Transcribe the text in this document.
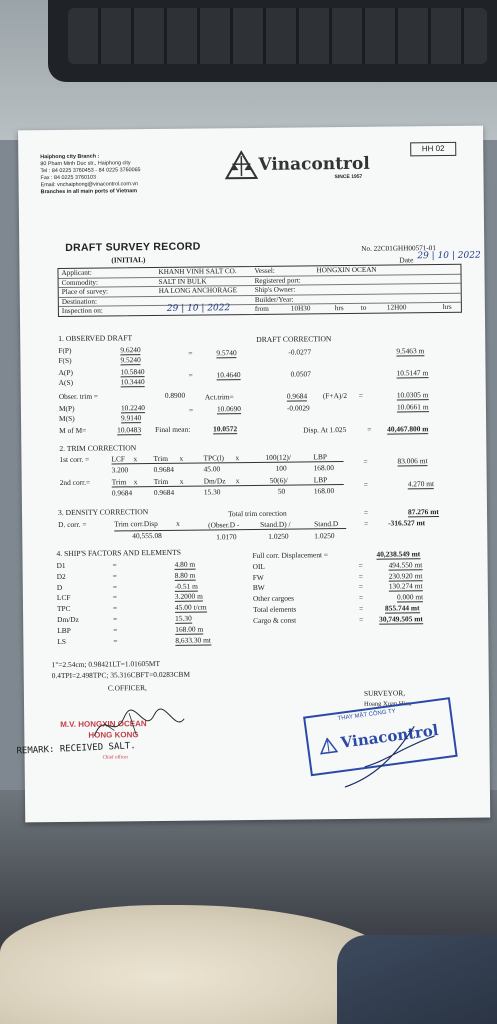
HH 02
Haiphong city Branch :
80 Pham Minh Duc str., Haiphong city
Tel : 84 0225 3760453 - 84 0225 3760065
Fax : 84 0225 3760103
Email: vnchaiphong@vinacontrol.com.vn
Branches in all main ports of Vietnam
Vinacontrol
SINCE 1957
DRAFT SURVEY RECORD
(INITIAL)
No. 22C01GHH00571-01
Date 29 | 10 | 2022
Applicant:	KHANH VINH SALT CO. Vessel:	HONGXIN OCEAN
Commodity:	SALT IN BULK	Registered port:
Place of survey:	HA LONG ANCHORAGE Ship's Owner:
Destination:	Builder/Year:
Inspection on:	29 | 10 | 2022	from	10H30	hrs to	12H00	hrs
1. OBSERVED DRAFT	DRAFT CORRECTION
F(P)	9.6240
F(S)	9.5240
=	9.5740	-0.0277	9.5463 m
A(P)	10.5840
A(S)	10.3440
=	10.4640	0.0507	10.5147 m
Obser. trim =	0.8900	Act.trim=	0.9684 (F+A)/2 =	10.0305 m
M(P)	10.2240
M(S)	9.9140
=	10.0690	-0.0029	10.0661 m
M of M=	10.0483 Final mean:	10.0572	Disp. At 1.025	= 40,467.800 m
2. TRIM CORRECTION
1st corr. =	LCF x Trim x	TPC(l) x	100(12)/	LBP
3.200	0.9684	45.00	100	168.00
=	83.006 mt
2nd corr.=	Trim x Trim x	Dm/Dz x	50(6)/	LBP
0.9684	0.9684	15.30	50	168.00
=	4.270 mt
3. DENSITY CORRECTION	Total trim corection	=	87.276 mt
D. corr. =	Trim corr.Disp x	(Obser.D -	Stand.D) /	Stand.D	=	-316.527 mt
40,555.08	1.0170	1.0250	1.0250
4. SHIP'S FACTORS AND ELEMENTS
D1	=	4.80 m
D2	=	8.80 m
D	=	-0.51 m
LCF	=	3.2000 m
TPC	=	45.00 t/cm
Dm/Dz	=	15.30
LBP	=	168.00 m
LS	=	8,633.30 mt
Full corr. Displacement =	40,238.549 mt
OIL	=	494.550 mt
FW	=	230.920 mt
BW	=	130.274 mt
Other cargoes	=	0.000 mt
Total elements	=	855.744 mt
Cargo & const	= 30,749.505 mt
1"=2.54cm; 0.98421LT=1.01605MT
0.4TPI=2.498TPC; 35.316CBFT=0.0283CBM
C.OFFICER,
SURVEYOR,
Hoang Xuan Hieu
M.V. HONGXIN OCEAN
HONG KONG
Chief officer
REMARK: RECEIVED SALT.
THAY MẶT CÔNG TY
Vinacontrol
